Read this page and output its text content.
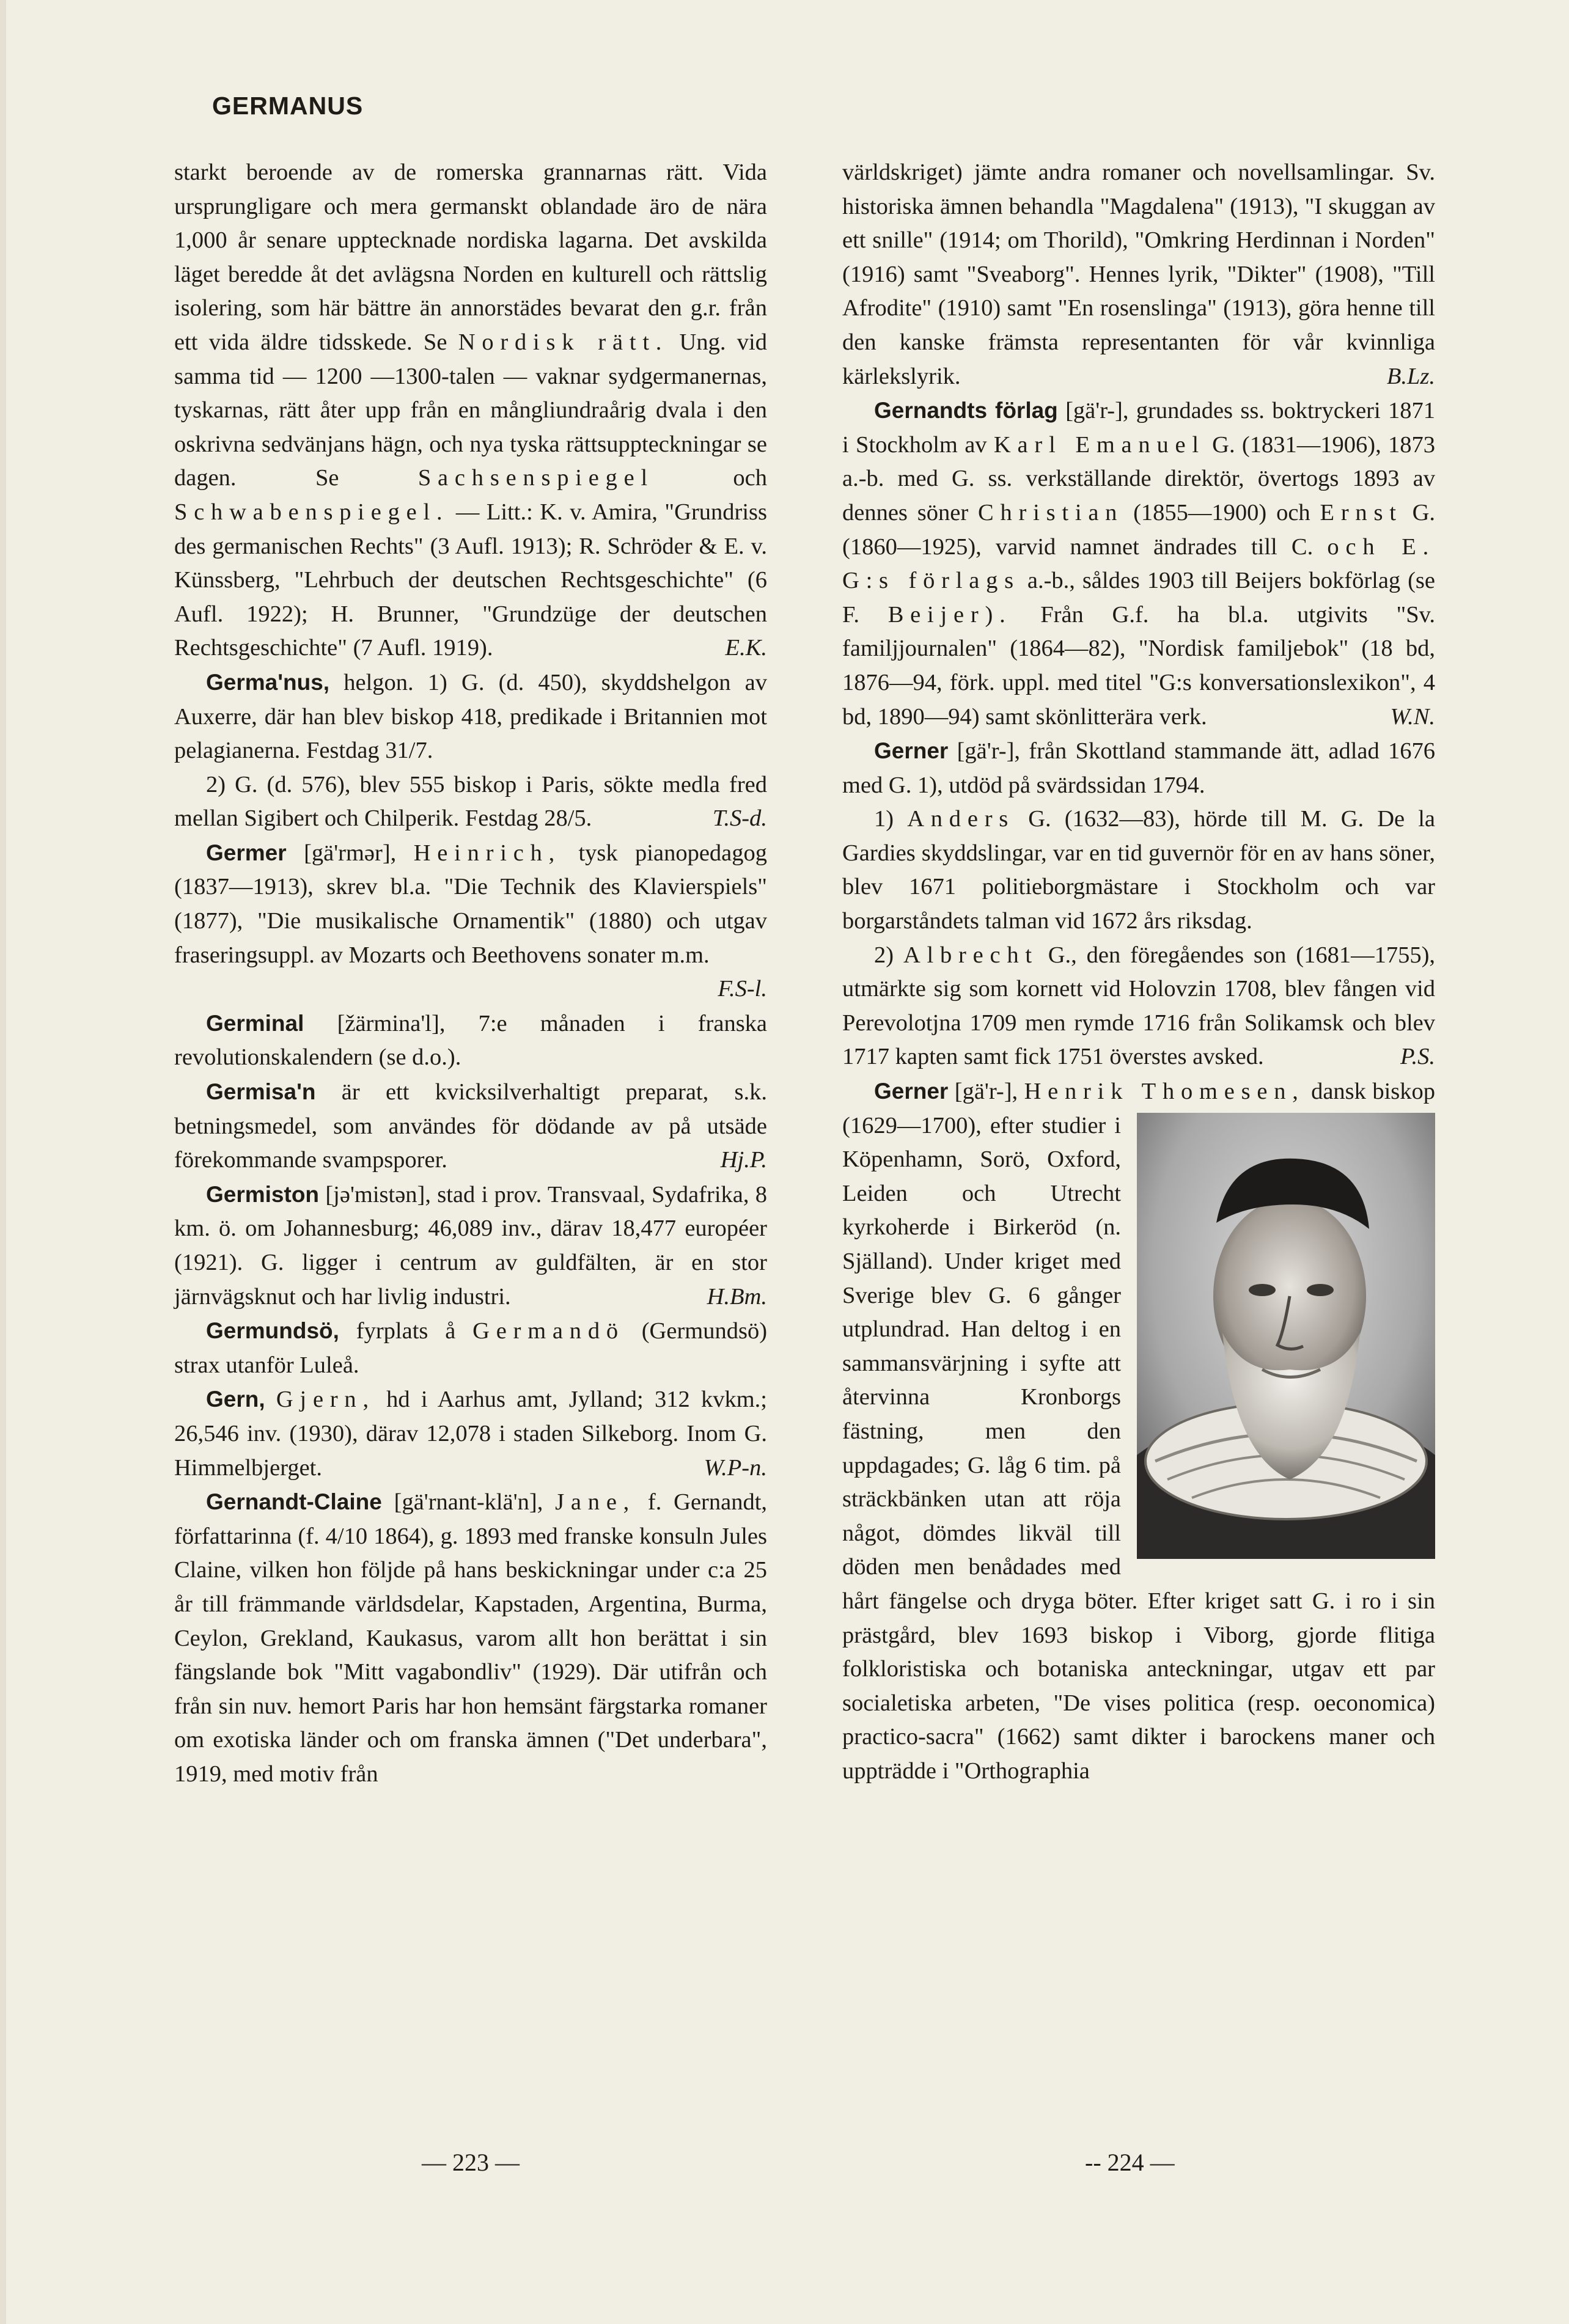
GERMANUS

starkt beroende av de romerska grannarnas rätt. Vida ursprungligare och mera germanskt oblandade äro de nära 1,000 år senare upptecknade nordiska lagarna. Det avskilda läget beredde åt det avlägsna Norden en kulturell och rättslig isolering, som här bättre än annorstädes bevarat den g.r. från ett vida äldre tidsskede. Se Nordisk rätt. Ung. vid samma tid — 1200 —1300-talen — vaknar sydgermanernas, tyskarnas, rätt åter upp från en mångliundraårig dvala i den oskrivna sedvänjans hägn, och nya tyska rättsuppteckningar se dagen. Se	Sachsenspiegel	och Schwabenspiegel. — Litt.: K. v. Amira, "Grundriss des germanischen Rechts" (3 Aufl. 1913); R. Schröder & E. v. Künssberg, "Lehrbuch der deutschen Rechtsgeschichte" (6 Aufl. 1922); H. Brunner, "Grundzüge der deutschen Rechtsgeschichte" (7 Aufl. 1919).	E.K.

Germa'nus, helgon. 1) G. (d. 450), skyddshelgon av Auxerre, där han blev biskop 418, predikade i Britannien mot pelagianerna. Festdag 31/7.

2) G. (d. 576), blev 555 biskop i Paris, sökte medla fred mellan Sigibert och Chilperik. Festdag 28/5.	T.S-d.

Germer [gä'rmər], Heinrich, tysk pianopedagog (1837—1913), skrev bl.a. "Die Technik des Klavierspiels" (1877), "Die musikalische Ornamentik" (1880) och utgav fraseringsuppl. av Mozarts och Beethovens sonater m.m.
F.S-l.

Germinal [žärmina'l], 7:e månaden i franska revolutionskalendern (se d.o.).

Germisa'n är ett kvicksilverhaltigt preparat, s.k. betningsmedel, som användes för dödande av på utsäde förekommande svampsporer.	Hj.P.

Germiston [jə'mistən], stad i prov. Transvaal, Sydafrika, 8 km. ö. om Johannesburg; 46,089 inv., därav 18,477 européer (1921). G. ligger i centrum av guldfälten, är en stor järnvägsknut och har livlig industri.	H.Bm.

Germundsö, fyrplats å Germandö (Germundsö) strax utanför Luleå.

Gern, Gjern, hd i Aarhus amt, Jylland; 312 kvkm.; 26,546 inv. (1930), därav 12,078 i staden Silkeborg. Inom G. Himmelbjerget.	W.P-n.

Gernandt-Claine [gä'rnant-klä'n], Jane, f. Gernandt, författarinna (f. 4/10 1864), g. 1893 med franske konsuln Jules Claine, vilken hon följde på hans beskickningar under c:a 25 år till främmande världsdelar, Kapstaden, Argentina, Burma, Ceylon, Grekland, Kaukasus, varom allt hon berättat i sin fängslande bok "Mitt vagabondliv" (1929). Där utifrån och från sin nuv. hemort Paris har hon hemsänt färgstarka romaner om exotiska länder och om franska ämnen ("Det underbara", 1919, med motiv från

världskriget) jämte andra romaner och novellsamlingar. Sv. historiska ämnen behandla "Magdalena" (1913), "I skuggan av ett snille" (1914; om Thorild), "Omkring Herdinnan i Norden" (1916) samt "Sveaborg". Hennes lyrik, "Dikter" (1908), "Till Afrodite" (1910) samt "En rosenslinga" (1913), göra henne till den kanske främsta representanten för vår kvinnliga kärlekslyrik.	B.Lz.

Gernandts förlag [gä'r-], grundades ss. boktryckeri 1871 i Stockholm av Karl Emanuel G. (1831—1906), 1873 a.-b. med G. ss. verkställande direktör, övertogs 1893 av dennes söner Christian (1855—1900) och Ernst G. (1860—1925), varvid namnet ändrades till C. och E. G:s förlags a.-b., såldes 1903 till Beijers bokförlag (se F. Beijer). Från G.f. ha bl.a. utgivits "Sv. familjjournalen" (1864—82), "Nordisk familjebok" (18 bd, 1876—94, förk. uppl. med titel "G:s konversationslexikon", 4 bd, 1890—94) samt skönlitterära verk.	W.N.

Gerner [gä'r-], från Skottland stammande ätt, adlad 1676 med G. 1), utdöd på svärdssidan 1794.

1) Anders G. (1632—83), hörde till M. G. De la Gardies skyddslingar, var en tid guvernör för en av hans söner, blev 1671 politieborgmästare i Stockholm och var borgarståndets talman vid 1672 års riksdag.

2) Albrecht G., den föregåendes son (1681—1755), utmärkte sig som kornett vid Holovzin 1708, blev fången vid Perevolotjna 1709 men rymde 1716 från Solikamsk och blev 1717 kapten samt fick 1751 överstes avsked.	P.S.

Gerner [gä'r-], Henrik Thomesen, dansk biskop (1629—1700), efter studier i Köpenhamn, Sorö, Oxford, Leiden och Utrecht kyrkoherde i Birkeröd (n. Själland). Under kriget med Sverige blev G. 6 gånger utplundrad. Han deltog i en sammansvärjning i syfte att återvinna Kronborgs fästning, men den uppdagades; G. låg 6 tim. på sträckbänken utan att röja något, dömdes likväl till döden men benådades med hårt fängelse och dryga böter. Efter kriget satt G. i ro i sin prästgård, blev 1693 biskop i Viborg, gjorde flitiga folkloristiska och botaniska anteckningar, utgav ett par socialetiska arbeten, "De vises politica (resp. oeconomica) practico-sacra" (1662) samt dikter i barockens maner och uppträdde i "Orthographia

— 223 —	-- 224 —
